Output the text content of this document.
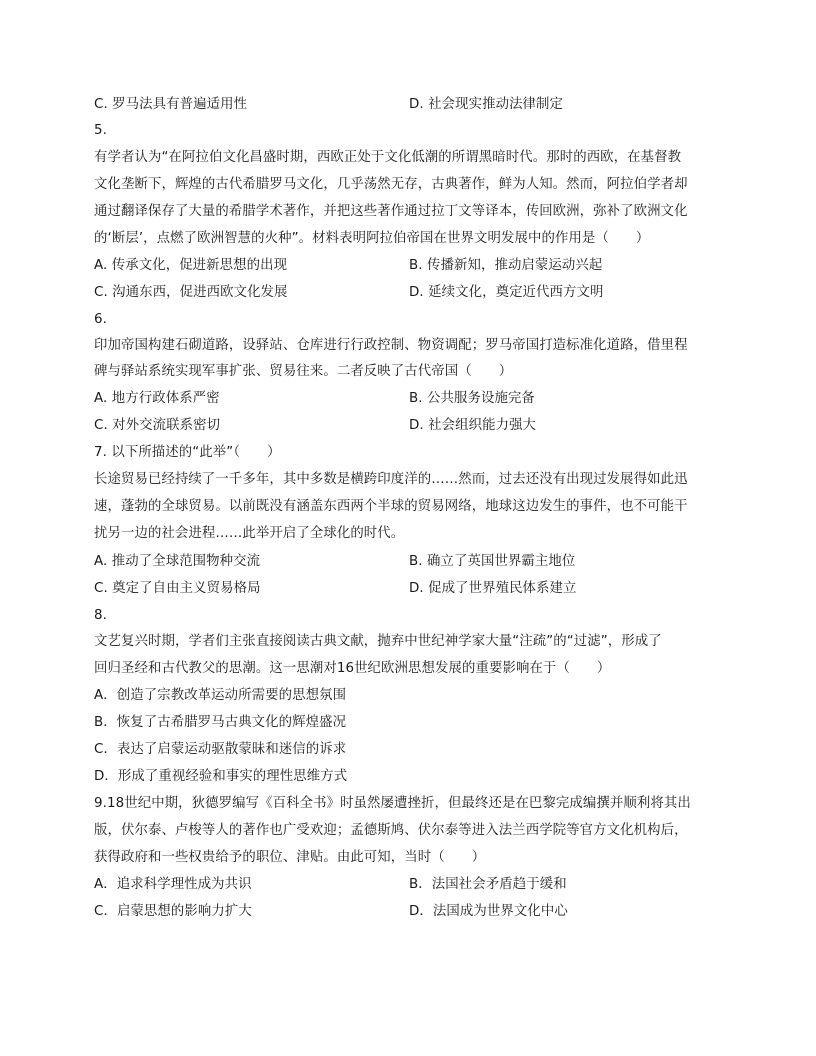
C. 罗马法具有普遍适用性	D. 社会现实推动法律制定
5.
有学者认为“在阿拉伯文化昌盛时期，西欧正处于文化低潮的所谓黑暗时代。那时的西欧，在基督教
文化垄断下，辉煌的古代希腊罗马文化，几乎荡然无存，古典著作，鲜为人知。然而，阿拉伯学者却
通过翻译保存了大量的希腊学术著作，并把这些著作通过拉丁文等译本，传回欧洲，弥补了欧洲文化
的‘断层’，点燃了欧洲智慧的火种”。材料表明阿拉伯帝国在世界文明发展中的作用是（　　）
A. 传承文化，促进新思想的出现	B. 传播新知，推动启蒙运动兴起
C. 沟通东西，促进西欧文化发展	D. 延续文化，奠定近代西方文明
6.
印加帝国构建石砌道路，设驿站、仓库进行行政控制、物资调配；罗马帝国打造标准化道路，借里程
碑与驿站系统实现军事扩张、贸易往来。二者反映了古代帝国（　　）
A. 地方行政体系严密	B. 公共服务设施完备
C. 对外交流联系密切	D. 社会组织能力强大
7. 以下所描述的“此举”（　　）
长途贸易已经持续了一千多年，其中多数是横跨印度洋的……然而，过去还没有出现过发展得如此迅
速，蓬勃的全球贸易。以前既没有涵盖东西两个半球的贸易网络，地球这边发生的事件，也不可能干
扰另一边的社会进程……此举开启了全球化的时代。
A. 推动了全球范围物种交流	B. 确立了英国世界霸主地位
C. 奠定了自由主义贸易格局	D. 促成了世界殖民体系建立
8.
文艺复兴时期，学者们主张直接阅读古典文献，抛弃中世纪神学家大量“注疏”的“过滤”，形成了
回归圣经和古代教父的思潮。这一思潮对16世纪欧洲思想发展的重要影响在于（　　）
A．创造了宗教改革运动所需要的思想氛围
B．恢复了古希腊罗马古典文化的辉煌盛况
C．表达了启蒙运动驱散蒙昧和迷信的诉求
D．形成了重视经验和事实的理性思维方式
9.18世纪中期，狄德罗编写《百科全书》时虽然屡遭挫折，但最终还是在巴黎完成编撰并顺利将其出
版，伏尔泰、卢梭等人的著作也广受欢迎；孟德斯鸠、伏尔泰等进入法兰西学院等官方文化机构后，
获得政府和一些权贵给予的职位、津贴。由此可知，当时（　　）
A．追求科学理性成为共识	B．法国社会矛盾趋于缓和
C．启蒙思想的影响力扩大	D．法国成为世界文化中心
